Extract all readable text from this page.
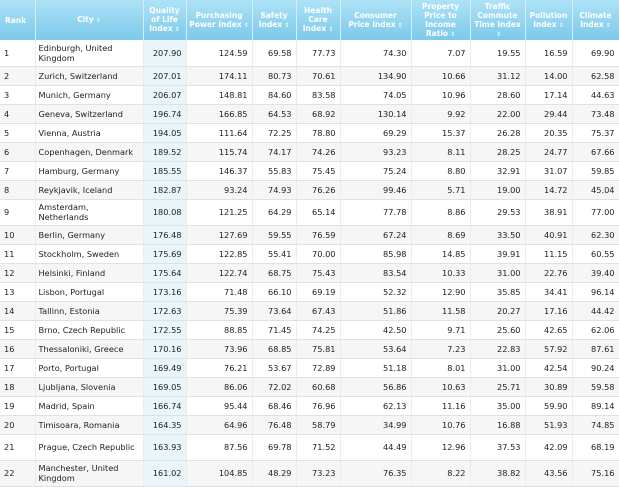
Rank	City ⇕	Quality of Life Index ⇕	Purchasing Power Index ⇕	Safety Index ⇕	Health Care Index ⇕	Consumer Price Index ⇕	Property Price to Income Ratio ⇕	Traffic Commute Time Index⇕	Pollution Index ⇕	Climate Index ⇕
1	Edinburgh, United Kingdom	207.90	124.59	69.58	77.73	74.30	7.07	19.55	16.59	69.90
2	Zurich, Switzerland	207.01	174.11	80.73	70.61	134.90	10.66	31.12	14.00	62.58
3	Munich, Germany	206.07	148.81	84.60	83.58	74.05	10.96	28.60	17.14	44.63
4	Geneva, Switzerland	196.74	166.85	64.53	68.92	130.14	9.92	22.00	29.44	73.48
5	Vienna, Austria	194.05	111.64	72.25	78.80	69.29	15.37	26.28	20.35	75.37
6	Copenhagen, Denmark	189.52	115.74	74.17	74.26	93.23	8.11	28.25	24.77	67.66
7	Hamburg, Germany	185.55	146.37	55.83	75.45	75.24	8.80	32.91	31.07	59.85
8	Reykjavik, Iceland	182.87	93.24	74.93	76.26	99.46	5.71	19.00	14.72	45.04
9	Amsterdam, Netherlands	180.08	121.25	64.29	65.14	77.78	8.86	29.53	38.91	77.00
10	Berlin, Germany	176.48	127.69	59.55	76.59	67.24	8.69	33.50	40.91	62.30
11	Stockholm, Sweden	175.69	122.85	55.41	70.00	85.98	14.85	39.91	11.15	60.55
12	Helsinki, Finland	175.64	122.74	68.75	75.43	83.54	10.33	31.00	22.76	39.40
13	Lisbon, Portugal	173.16	71.48	66.10	69.19	52.32	12.90	35.85	34.41	96.14
14	Tallinn, Estonia	172.63	75.39	73.64	67.43	51.86	11.58	20.27	17.16	44.42
15	Brno, Czech Republic	172.55	88.85	71.45	74.25	42.50	9.71	25.60	42.65	62.06
16	Thessaloniki, Greece	170.16	73.96	68.85	75.81	53.64	7.23	22.83	57.92	87.61
17	Porto, Portugal	169.49	76.21	53.67	72.89	51.18	8.01	31.00	42.54	90.24
18	Ljubljana, Slovenia	169.05	86.06	72.02	60.68	56.86	10.63	25.71	30.89	59.58
19	Madrid, Spain	166.74	95.44	68.46	76.96	62.13	11.16	35.00	59.90	89.14
20	Timisoara, Romania	164.35	64.96	76.48	58.79	34.99	10.76	16.88	51.93	74.85
21	Prague, Czech Republic	163.93	87.56	69.78	71.52	44.49	12.96	37.53	42.09	68.19
22	Manchester, United Kingdom	161.02	104.85	48.29	73.23	76.35	8.22	38.82	43.56	75.16
